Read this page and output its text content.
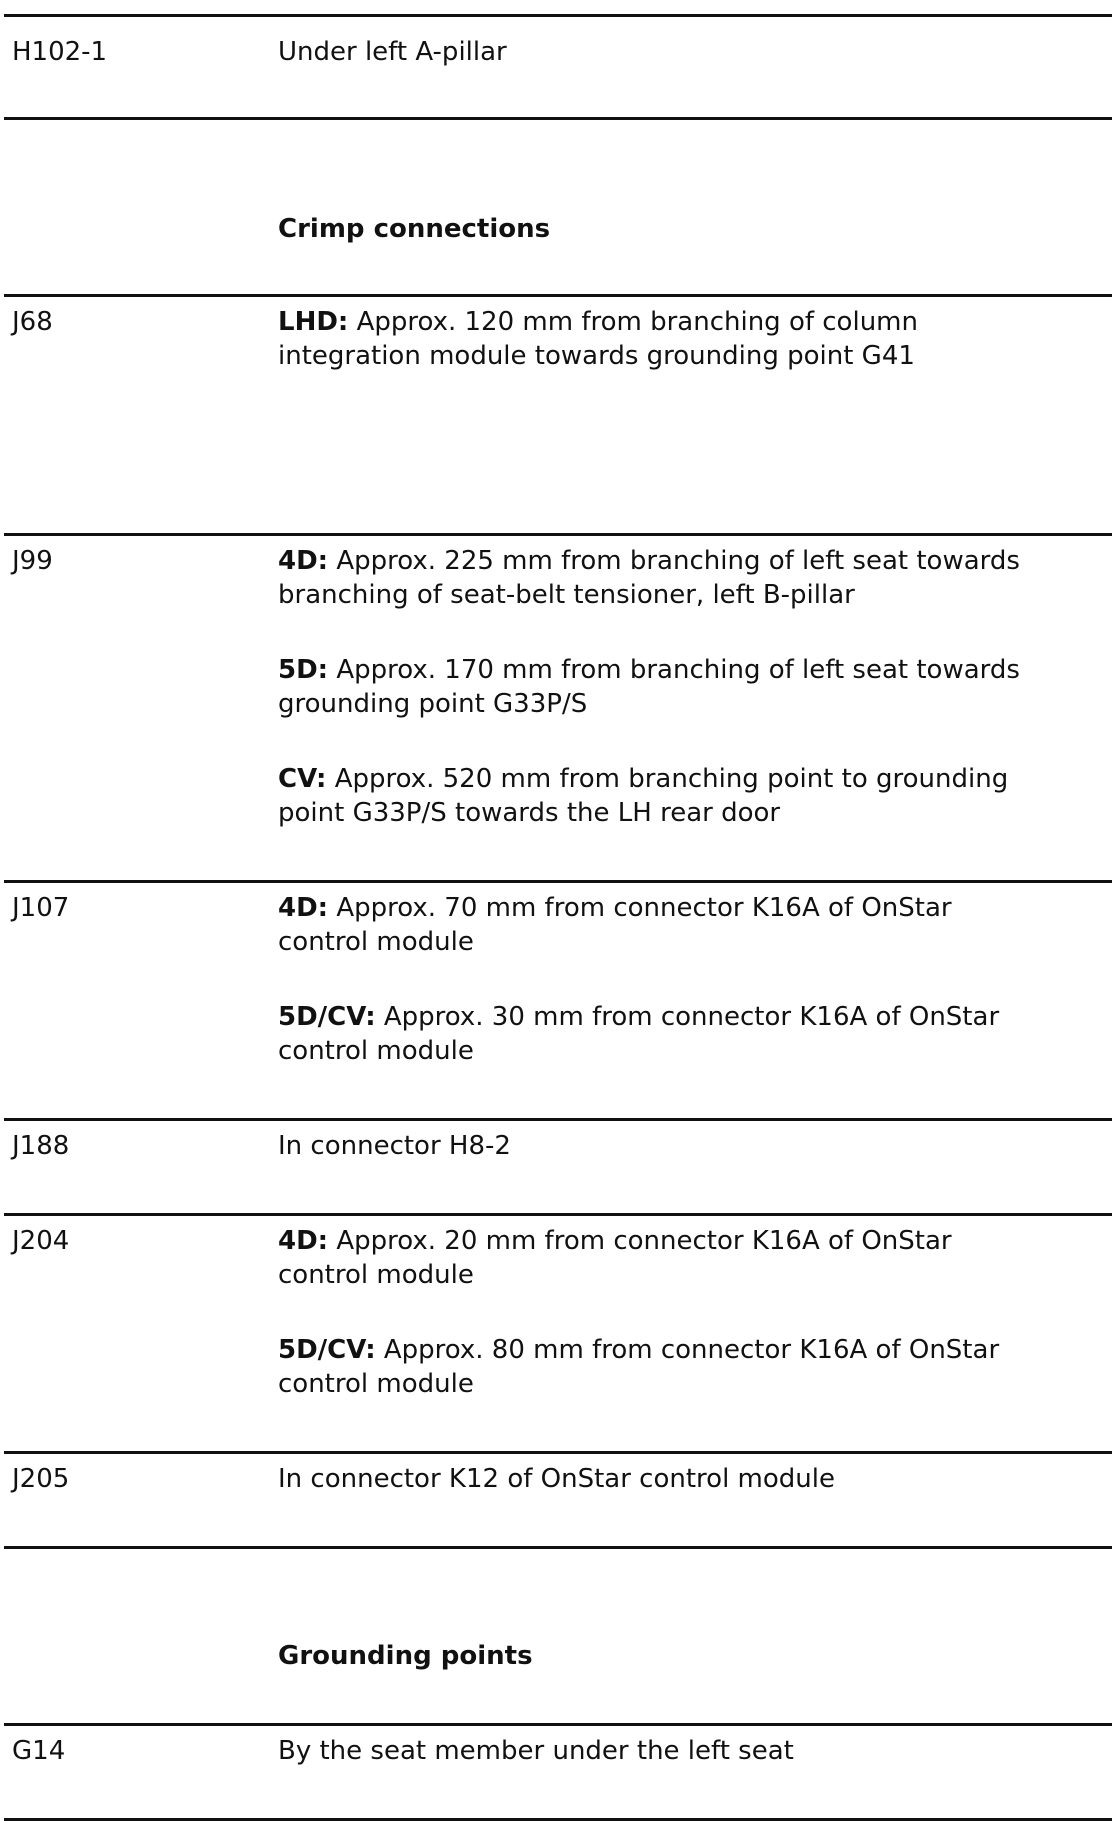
H102-1	Under left A-pillar
Crimp connections
J68	LHD: Approx. 120 mm from branching of column
integration module towards grounding point G41
J99	4D: Approx. 225 mm from branching of left seat towards
branching of seat-belt tensioner, left B-pillar
5D: Approx. 170 mm from branching of left seat towards
grounding point G33P/S
CV: Approx. 520 mm from branching point to grounding
point G33P/S towards the LH rear door
J107	4D: Approx. 70 mm from connector K16A of OnStar
control module
5D/CV: Approx. 30 mm from connector K16A of OnStar
control module
J188	In connector H8-2
J204	4D: Approx. 20 mm from connector K16A of OnStar
control module
5D/CV: Approx. 80 mm from connector K16A of OnStar
control module
J205	In connector K12 of OnStar control module
Grounding points
G14	By the seat member under the left seat
